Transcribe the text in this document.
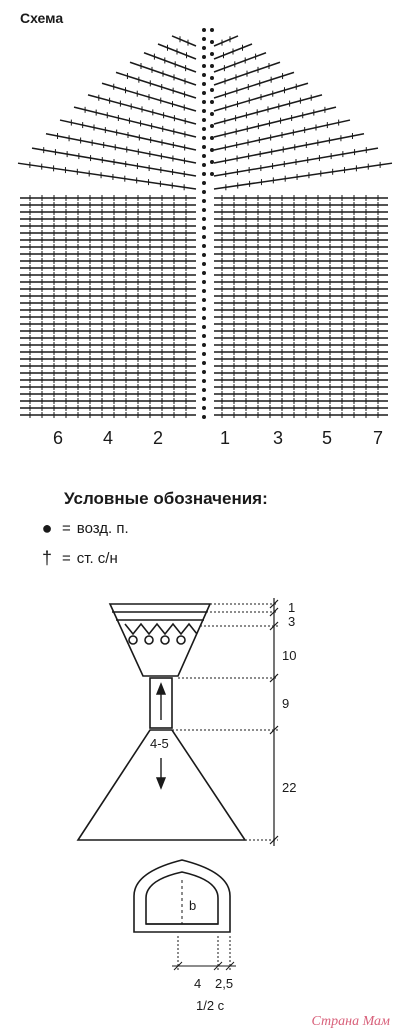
Схема
6 4 2	1 3 5 7
Условные обозначения:
● = возд. п.
† = ст. с/н
4-5
1
3
10
9
22
b
4 2,5
1/2 c
Страна Мам
